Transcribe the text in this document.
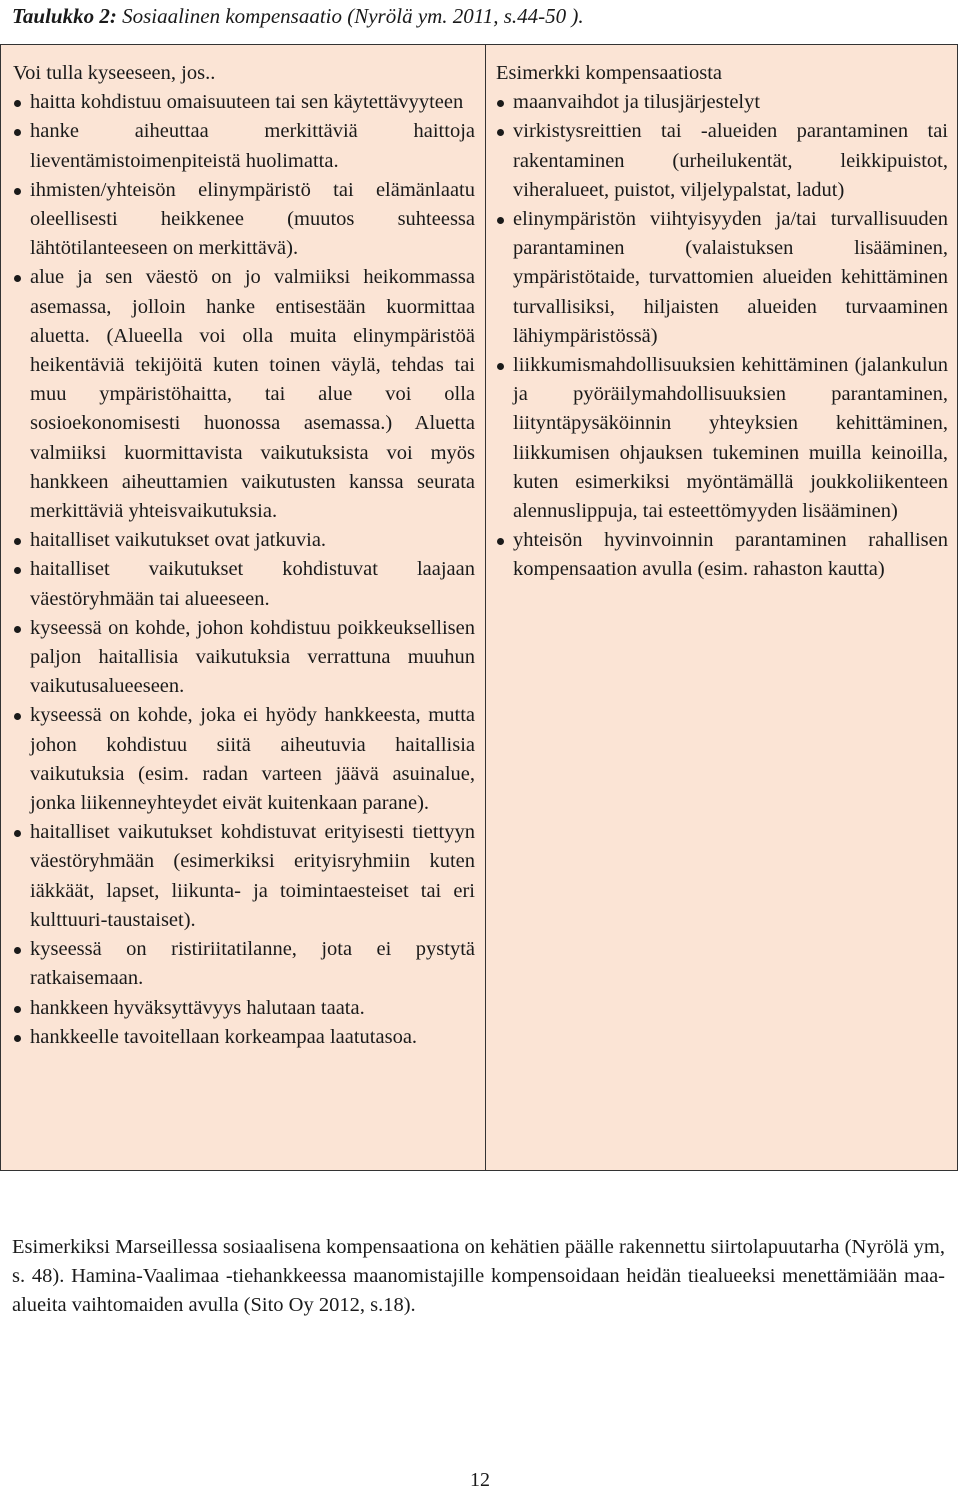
Taulukko 2: Sosiaalinen kompensaatio (Nyrölä ym. 2011, s.44-50 ).
Voi tulla kyseeseen, jos..
haitta kohdistuu omaisuuteen tai sen käytettävyyteen
hanke aiheuttaa merkittäviä haittoja lieventämistoimenpiteistä huolimatta.
ihmisten/yhteisön elinympäristö tai elämänlaatu oleellisesti heikkenee (muutos suhteessa lähtötilanteeseen on merkittävä).
alue ja sen väestö on jo valmiiksi heikommassa asemassa, jolloin hanke entisestään kuormittaa aluetta. (Alueella voi olla muita elinympäristöä heikentäviä tekijöitä kuten toinen väylä, tehdas tai muu ympäristöhaitta, tai alue voi olla sosioekonomisesti huonossa asemassa.) Aluetta valmiiksi kuormittavista vaikutuksista voi myös hankkeen aiheuttamien vaikutusten kanssa seurata merkittäviä yhteisvaikutuksia.
haitalliset vaikutukset ovat jatkuvia.
haitalliset vaikutukset kohdistuvat laajaan väestöryhmään tai alueeseen.
kyseessä on kohde, johon kohdistuu poikkeuksellisen paljon haitallisia vaikutuksia verrattuna muuhun vaikutusalueeseen.
kyseessä on kohde, joka ei hyödy hankkeesta, mutta johon kohdistuu siitä aiheutuvia haitallisia vaikutuksia (esim. radan varteen jäävä asuinalue, jonka liikenneyhteydet eivät kuitenkaan parane).
haitalliset vaikutukset kohdistuvat erityisesti tiettyyn väestöryhmään (esimerkiksi erityisryhmiin kuten iäkkäät, lapset, liikunta- ja toimintaesteiset tai eri kulttuuri-taustaiset).
kyseessä on ristiriitatilanne, jota ei pystytä ratkaisemaan.
hankkeen hyväksyttävyys halutaan taata.
hankkeelle tavoitellaan korkeampaa laatutasoa.
Esimerkki kompensaatiosta
maanvaihdot ja tilusjärjestelyt
virkistysreittien tai -alueiden parantaminen tai rakentaminen (urheilukentät, leikkipuistot, viheralueet, puistot, viljelypalstat, ladut)
elinympäristön viihtyisyyden ja/tai turvallisuuden parantaminen (valaistuksen lisääminen, ympäristötaide, turvattomien alueiden kehittäminen turvallisiksi, hiljaisten alueiden turvaaminen lähiympäristössä)
liikkumismahdollisuuksien kehittäminen (jalankulun ja pyöräilymahdollisuuksien parantaminen, liityntäpysäköinnin yhteyksien kehittäminen, liikkumisen ohjauksen tukeminen muilla keinoilla, kuten esimerkiksi myöntämällä joukkoliikenteen alennuslippuja, tai esteettömyyden lisääminen)
yhteisön hyvinvoinnin parantaminen rahallisen kompensaation avulla (esim. rahaston kautta)
Esimerkiksi Marseillessa sosiaalisena kompensaationa on kehätien päälle rakennettu siirtolapuutarha (Nyrölä ym, s. 48). Hamina-Vaalimaa -tiehankkeessa maanomistajille kompensoidaan heidän tiealueeksi menettämiään maa-alueita vaihtomaiden avulla (Sito Oy 2012, s.18).
12
